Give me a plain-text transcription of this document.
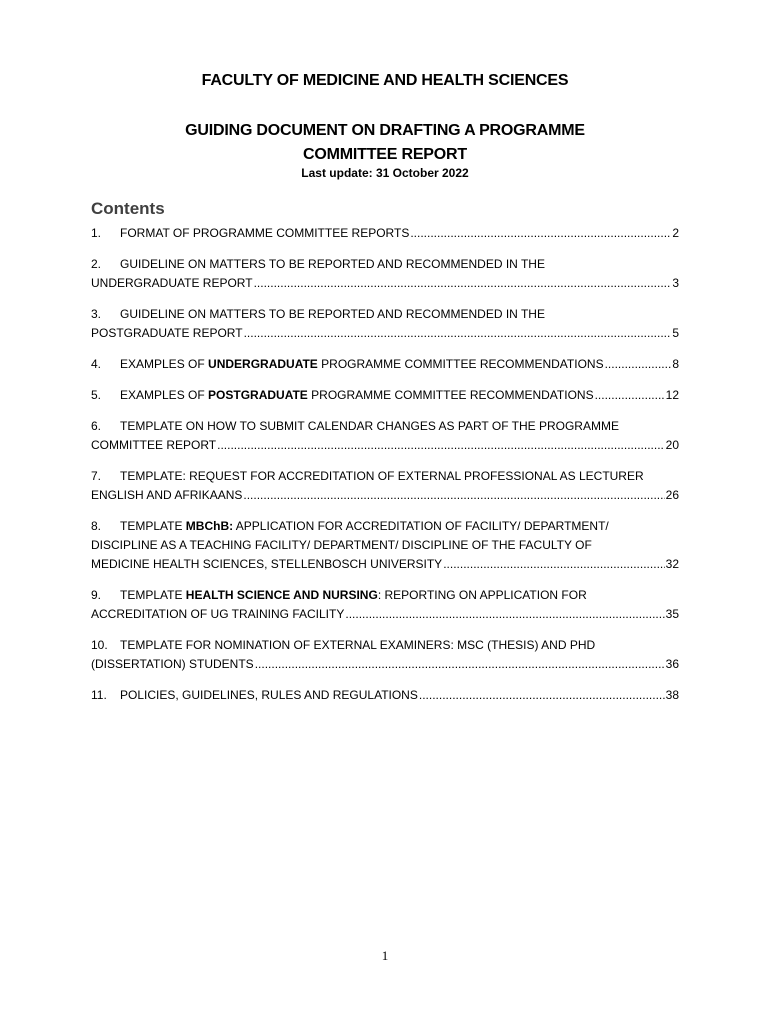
FACULTY OF MEDICINE AND HEALTH SCIENCES
GUIDING DOCUMENT ON DRAFTING A PROGRAMME
COMMITTEE REPORT
Last update: 31 October 2022
Contents
1. FORMAT OF PROGRAMME COMMITTEE REPORTS .....	2
2. GUIDELINE ON MATTERS TO BE REPORTED AND RECOMMENDED IN THE
UNDERGRADUATE REPORT .....	3
3. GUIDELINE ON MATTERS TO BE REPORTED AND RECOMMENDED IN THE
POSTGRADUATE REPORT .....	5
4. EXAMPLES OF UNDERGRADUATE PROGRAMME COMMITTEE RECOMMENDATIONS .....	8
5. EXAMPLES OF POSTGRADUATE PROGRAMME COMMITTEE RECOMMENDATIONS .....	12
6. TEMPLATE ON HOW TO SUBMIT CALENDAR CHANGES AS PART OF THE PROGRAMME
COMMITTEE REPORT .....	20
7. TEMPLATE: REQUEST FOR ACCREDITATION OF EXTERNAL PROFESSIONAL AS LECTURER
ENGLISH AND AFRIKAANS .....	26
8. TEMPLATE MBChB: APPLICATION FOR ACCREDITATION OF FACILITY/ DEPARTMENT/
DISCIPLINE AS A TEACHING FACILITY/ DEPARTMENT/ DISCIPLINE OF THE FACULTY OF
MEDICINE HEALTH SCIENCES, STELLENBOSCH UNIVERSITY .....	32
9. TEMPLATE HEALTH SCIENCE AND NURSING: REPORTING ON APPLICATION FOR
ACCREDITATION OF UG TRAINING FACILITY .....	35
10. TEMPLATE FOR NOMINATION OF EXTERNAL EXAMINERS: MSC (THESIS) AND PHD
(DISSERTATION) STUDENTS .....	36
11. POLICIES, GUIDELINES, RULES AND REGULATIONS .....	38
1
